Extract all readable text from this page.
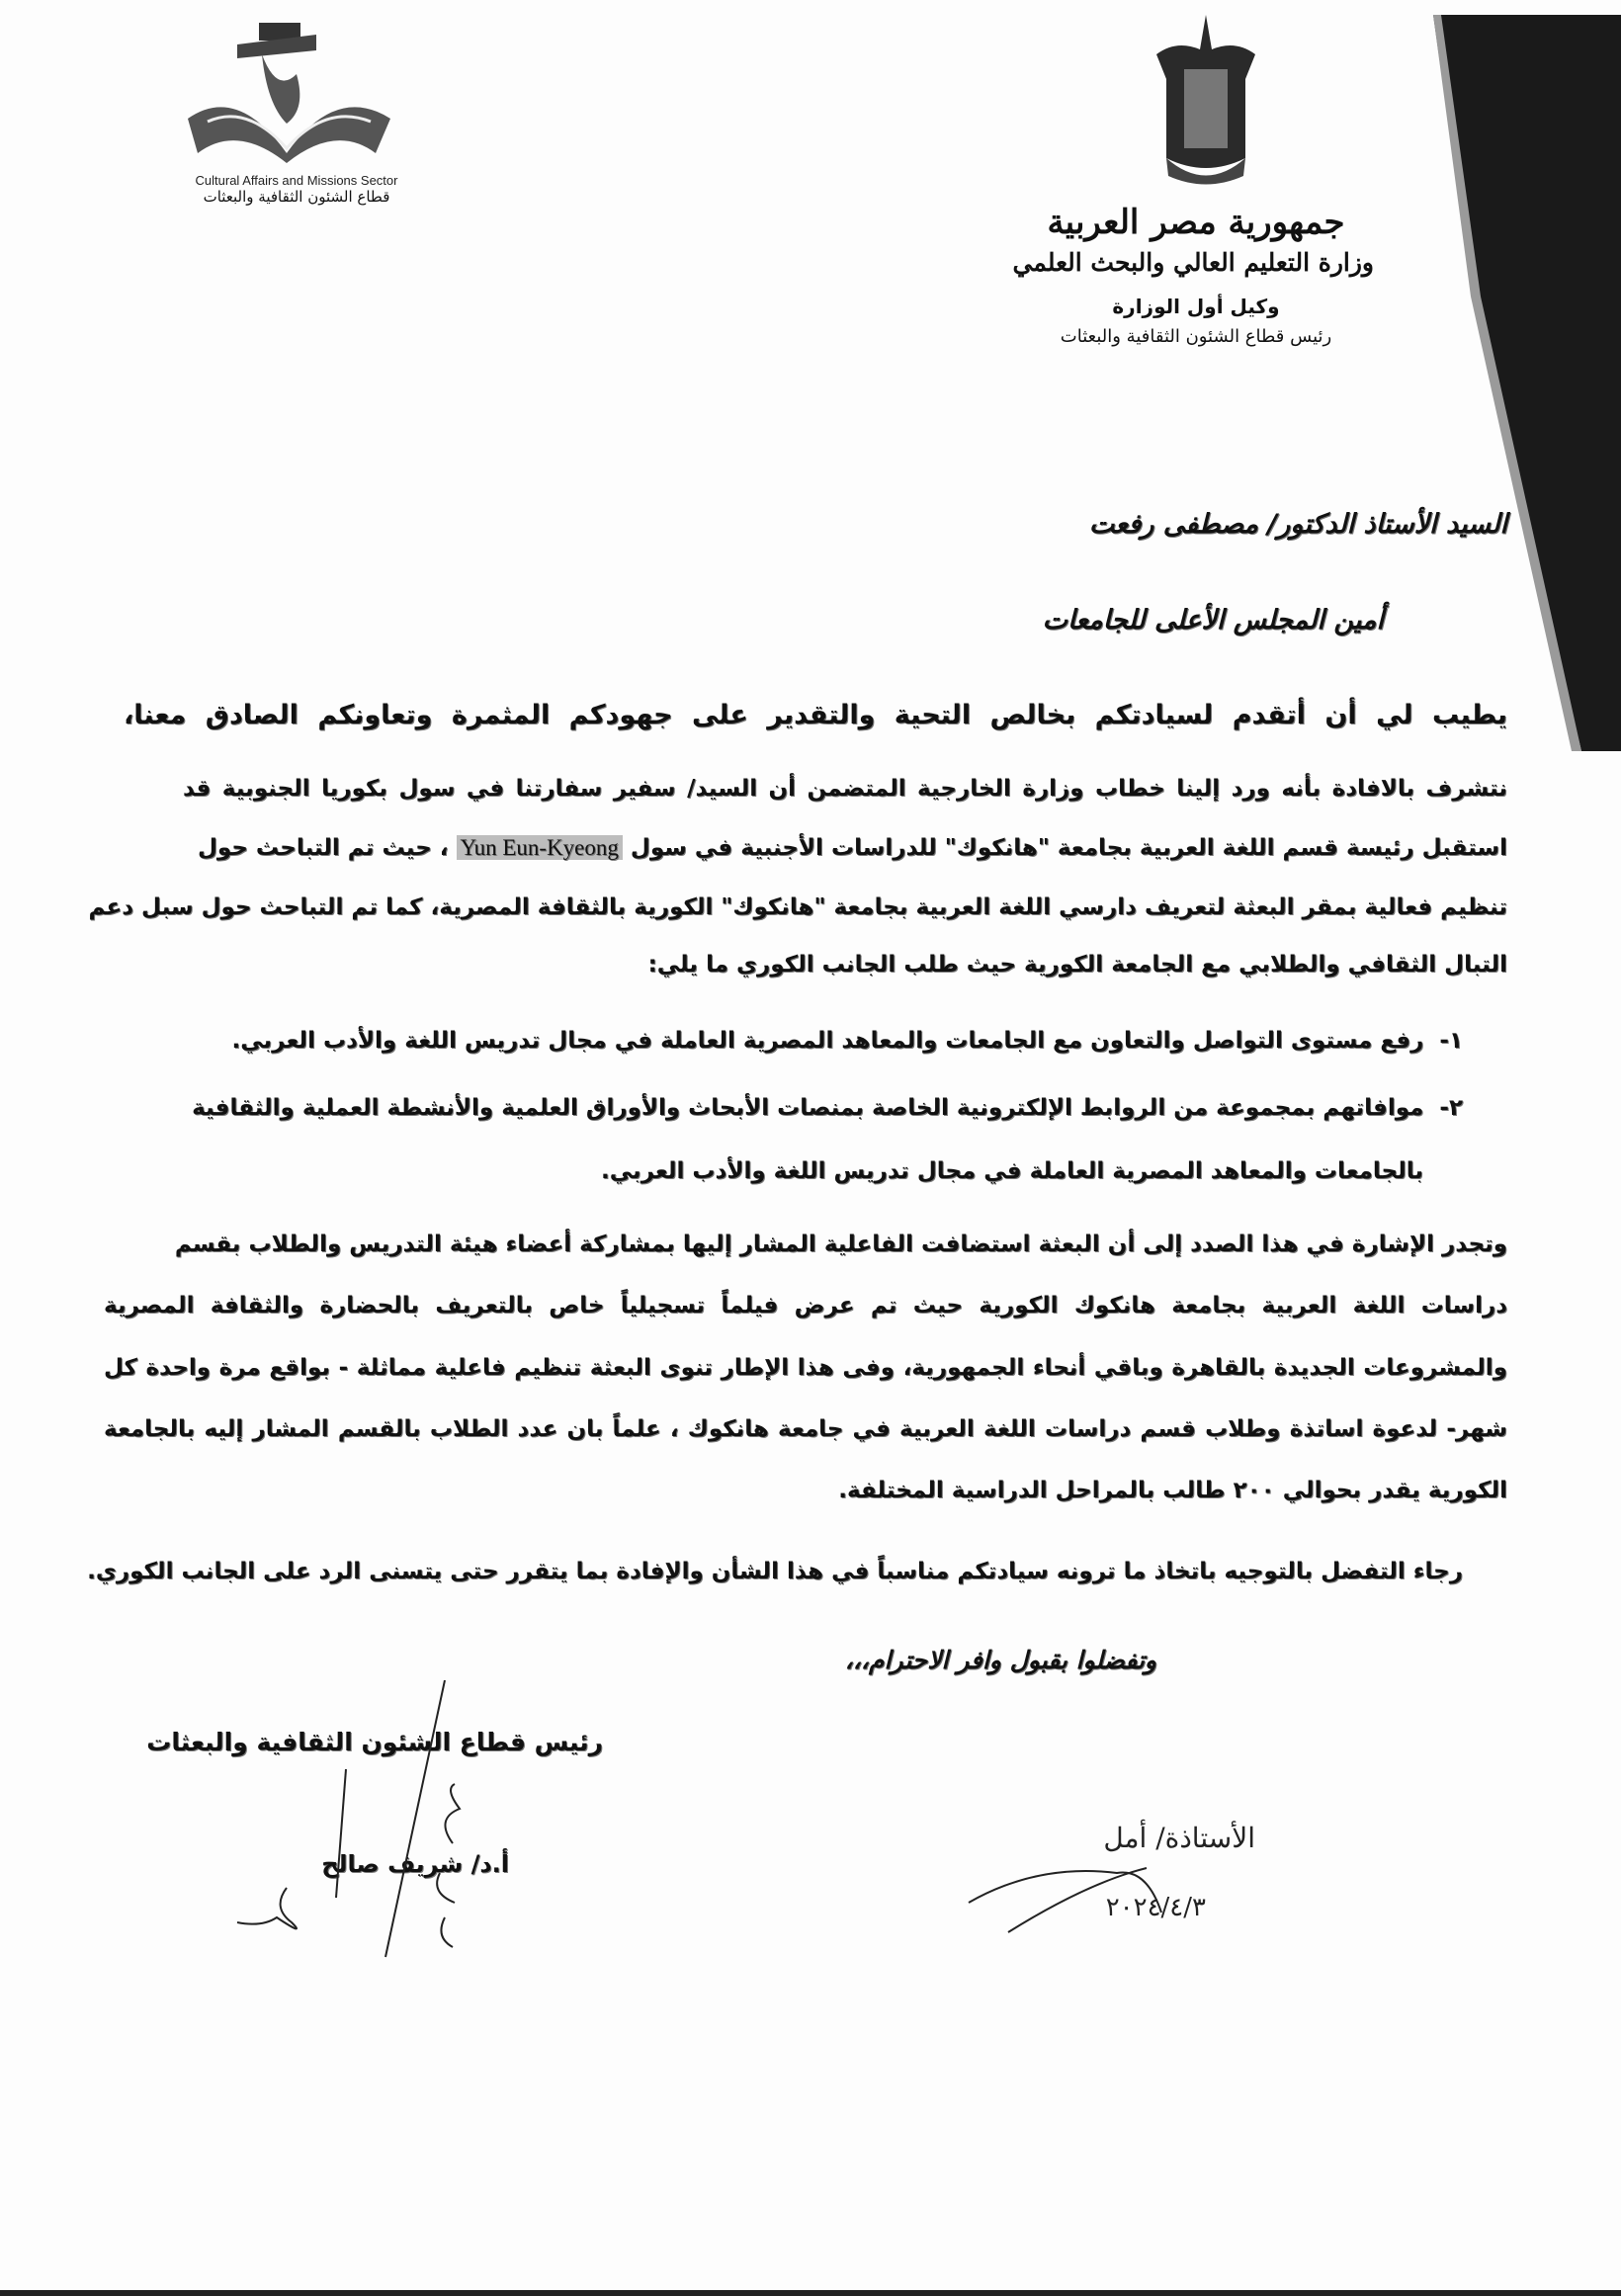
Cultural Affairs and Missions Sector
قطاع الشئون الثقافية والبعثات
جمهورية مصر العربية
وزارة التعليم العالي والبحث العلمي
وكيل أول الوزارة
رئيس قطاع الشئون الثقافية والبعثات
السيد الأستاذ الدكتور/ مصطفى رفعت
أمين المجلس الأعلى للجامعات
يطيب لي أن أتقدم لسيادتكم بخالص التحية والتقدير على جهودكم المثمرة وتعاونكم الصادق معنا،
نتشرف بالافادة بأنه ورد إلينا خطاب وزارة الخارجية المتضمن أن السيد/ سفير سفارتنا في سول بكوريا الجنوبية قد
استقبل رئيسة قسم اللغة العربية بجامعة "هانكوك" للدراسات الأجنبية في سول Yun Eun-Kyeong ، حيث تم التباحث حول
تنظيم فعالية بمقر البعثة لتعريف دارسي اللغة العربية بجامعة "هانكوك" الكورية بالثقافة المصرية، كما تم التباحث حول سبل دعم
التبال الثقافي والطلابي مع الجامعة الكورية حيث طلب الجانب الكوري ما يلي:
١-  رفع مستوى التواصل والتعاون مع الجامعات والمعاهد المصرية العاملة في مجال تدريس اللغة والأدب العربي.
٢-  موافاتهم بمجموعة من الروابط الإلكترونية الخاصة بمنصات الأبحاث والأوراق العلمية والأنشطة العملية والثقافية
بالجامعات والمعاهد المصرية العاملة في مجال تدريس اللغة والأدب العربي.
وتجدر الإشارة في هذا الصدد إلى أن البعثة استضافت الفاعلية المشار إليها بمشاركة أعضاء هيئة التدريس والطلاب بقسم
دراسات اللغة العربية بجامعة هانكوك الكورية حيث تم عرض فيلماً تسجيلياً خاص بالتعريف بالحضارة والثقافة المصرية
والمشروعات الجديدة بالقاهرة وباقي أنحاء الجمهورية، وفى هذا الإطار تنوى البعثة تنظيم فاعلية مماثلة - بواقع مرة واحدة كل
شهر- لدعوة اساتذة وطلاب قسم دراسات اللغة العربية في جامعة هانكوك ، علماً بان عدد الطلاب بالقسم المشار إليه بالجامعة
الكورية يقدر بحوالي ٢٠٠ طالب بالمراحل الدراسية المختلفة.
رجاء التفضل بالتوجيه باتخاذ ما ترونه سيادتكم مناسباً في هذا الشأن والإفادة بما يتقرر حتى يتسنى الرد على الجانب الكوري.
وتفضلوا بقبول وافر الاحترام،،،
رئيس قطاع الشئون الثقافية والبعثات
أ.د/ شريف صالح
الأستاذة/ أمل
٢٠٢٤/٤/٣
